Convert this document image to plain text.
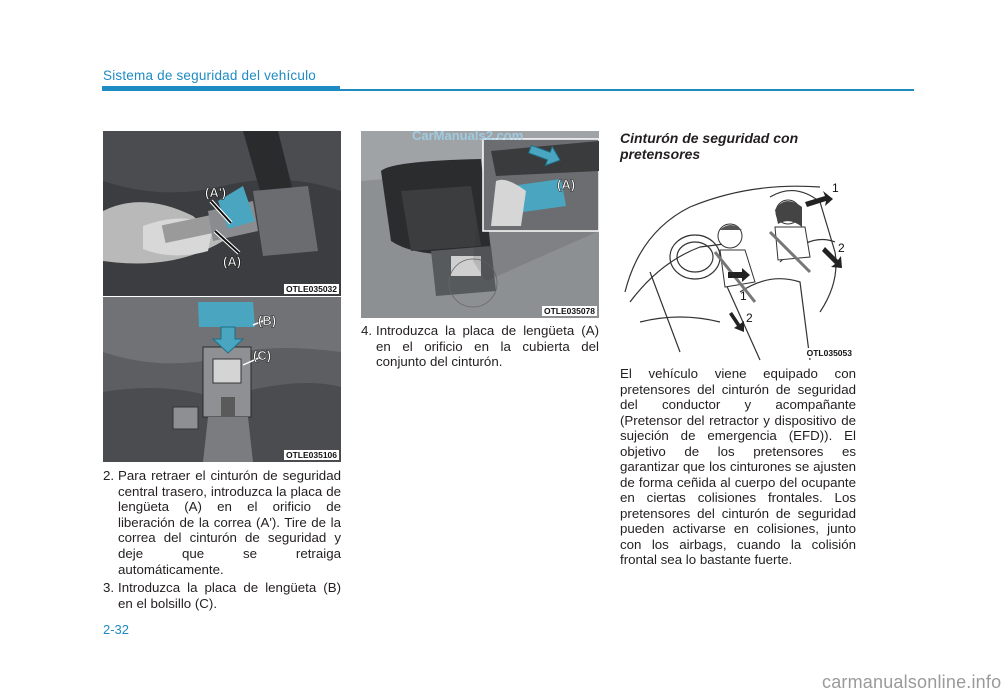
Sistema de seguridad del vehículo
(A')
(A)
OTLE035032
(B)
(C)
OTLE035106
(A)
OTLE035078
1
2
1
2
OTL035053
2. Para retraer el cinturón de seguridad central trasero, introduzca la placa de lengüeta (A) en el orificio de liberación de la correa (A'). Tire de la correa del cinturón de seguridad y deje que se retraiga automáticamente.
3. Introduzca la placa de lengüeta (B) en el bolsillo (C).
4. Introduzca la placa de lengüeta (A) en el orificio en la cubierta del conjunto del cinturón.
Cinturón de seguridad con pretensores
El vehículo viene equipado con pretensores del cinturón de seguridad del conductor y acompañante (Pretensor del retractor y dispositivo de sujeción de emergencia (EFD)). El objetivo de los pretensores es garantizar que los cinturones se ajusten de forma ceñida al cuerpo del ocupante en ciertas colisiones frontales. Los pretensores del cinturón de seguridad pueden activarse en colisiones, junto con los airbags, cuando la colisión frontal sea lo bastante fuerte.
CarManuals2.com
2-32
carmanualsonline.info
